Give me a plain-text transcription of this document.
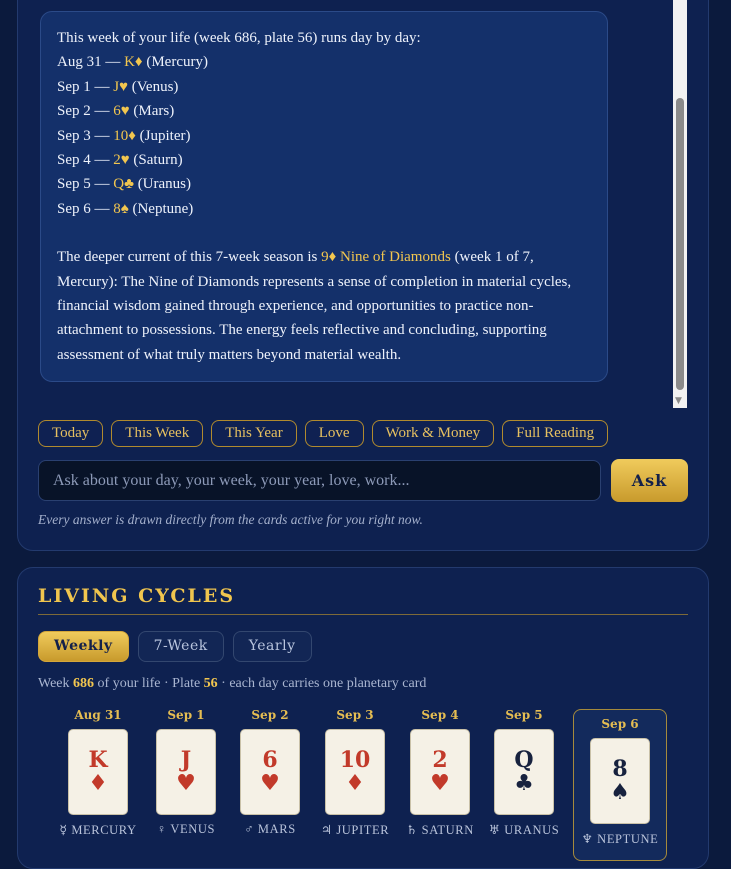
This week of your life (week 686, plate 56) runs day by day:

Aug 31 — K♦ (Mercury)

Sep 1 — J♥ (Venus)

Sep 2 — 6♥ (Mars)

Sep 3 — 10♦ (Jupiter)

Sep 4 — 2♥ (Saturn)

Sep 5 — Q♣ (Uranus)

Sep 6 — 8♠ (Neptune)

The deeper current of this 7-week season is 9♦ Nine of Diamonds (week 1 of 7, Mercury): The Nine of Diamonds represents a sense of completion in material cycles, financial wisdom gained through experience, and opportunities to practice non-attachment to possessions. The energy feels reflective and concluding, supporting assessment of what truly matters beyond material wealth.

▼
Today	This Week	This Year	Love	Work & Money	Full Reading
Ask about your day, your week, your year, love, work...	Ask
Every answer is drawn directly from the cards active for you right now.
LIVING CYCLES
Weekly	7-Week	Yearly
Week 686 of your life · Plate 56 · each day carries one planetary card
Aug 31
K
♦
☿ MERCURY
Sep 1
J
♥
♀ VENUS
Sep 2
6
♥
♂ MARS
Sep 3
10
♦
♃ JUPITER
Sep 4
2
♥
♄ SATURN
Sep 5
Q
♣
♅ URANUS
Sep 6
8
♠
♆ NEPTUNE
